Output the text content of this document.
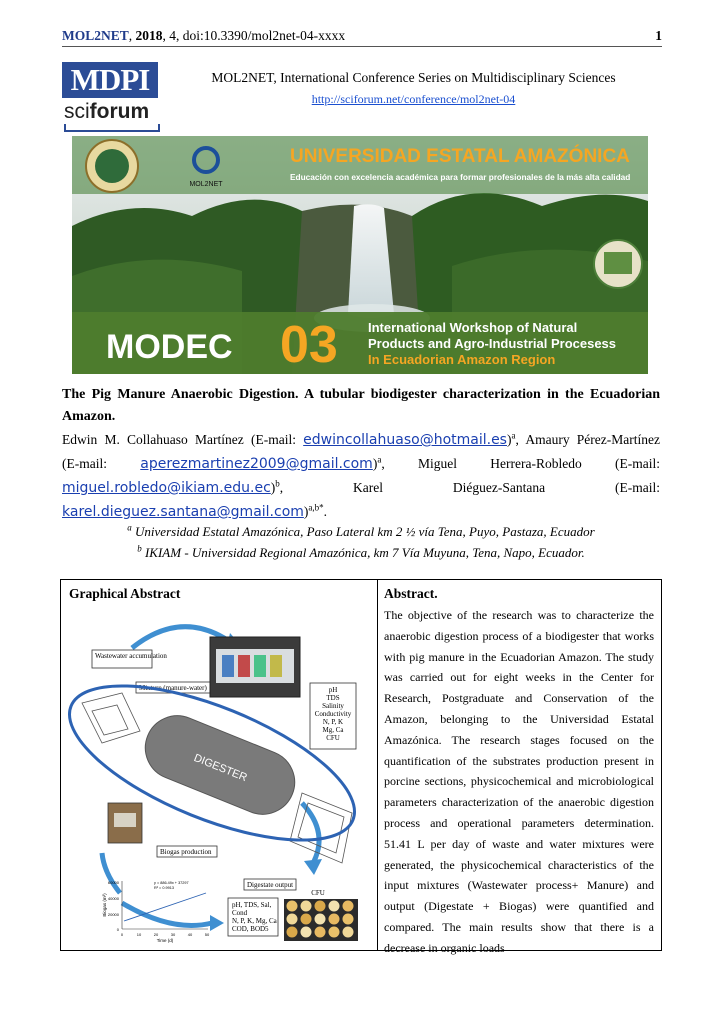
MOL2NET, 2018, 4, doi:10.3390/mol2net-04-xxxx	1
MDPI
sciforum
MOL2NET, International Conference Series on Multidisciplinary Sciences
http://sciforum.net/conference/mol2net-04
MOL2NET
UNIVERSIDAD ESTATAL AMAZÓNICA
Educación con excelencia académica para formar profesionales de la más alta calidad
MODEC 03 International Workshop of Natural
Products and Agro-Industrial Procesess
In Ecuadorian Amazon Region
The Pig Manure Anaerobic Digestion. A tubular biodigester characterization in the Ecuadorian Amazon.
Edwin M. Collahuaso Martínez (E-mail: edwincollahuaso@hotmail.es)$^a$, Amaury Pérez-Martínez
(E-mail: aperezmartinez2009@gmail.com)$^a$, Miguel Herrera-Robledo (E-mail:
miguel.robledo@ikiam.edu.ec)$^b$, Karel	Diéguez-Santana (E-mail:
karel.dieguez.santana@gmail.com)$^{a,b*}$.
$^a$ Universidad Estatal Amazónica, Paso Lateral km 2 ½ vía Tena, Puyo, Pastaza, Ecuador
$^b$ IKIAM - Universidad Regional Amazónica, km 7 Vía Muyuna, Tena, Napo, Ecuador.
Graphical Abstract	Abstract.
The objective of the research was to characterize the anaerobic digestion process of a biodigester that works with pig manure in the Ecuadorian Amazon. The study was carried out for eight weeks in the Center for Research, Postgraduate and Conservation of the Amazon, belonging to the Universidad Estatal Amazónica. The research stages focused on the quantification of the substrates production present in porcine sections, physicochemical and microbiological parameters characterization of the anaerobic digestion process and operational parameters determination. 51.41 L per day of waste and water mixtures were generated, the physicochemical characteristics of the input mixtures (Wastewater process+ Manure) and output (Digestate + Biogas) were quantified and compared. The main results show that there is a decrease in organic loads
Wastewater accumulation
Mixture (manure-water)	pH
TDS
Salinity
Conductivity
N, P, K
Mg, Ca
CFU
DIGESTER
Biogas production
Digestate output
pH, TDS, Sal,
Cond
N, P, K, Mg, Ca
COD, BOD5
CFU
60000
40000
20000
0
0	10	20	30	40	50
Time (d)
Biogas (m³)
y = 886.49x + 37297
R² = 0.9913
